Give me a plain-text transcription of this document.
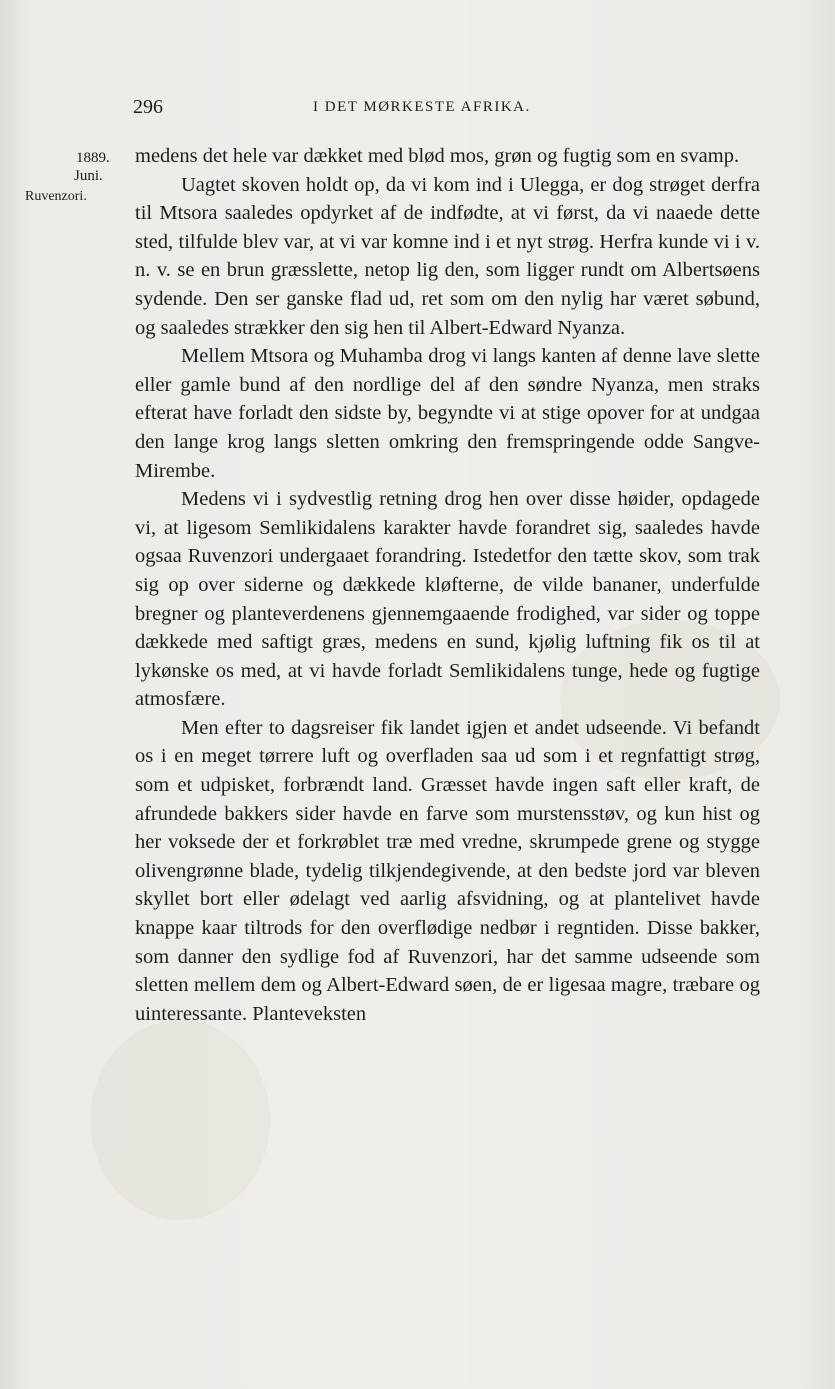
296	I DET MØRKESTE AFRIKA.
1889.
Juni.
Ruvenzori.

medens det hele var dækket med blød mos, grøn og fugtig som en svamp.

Uagtet skoven holdt op, da vi kom ind i Ulegga, er dog strøget derfra til Mtsora saaledes opdyrket af de indfødte, at vi først, da vi naaede dette sted, tilfulde blev var, at vi var komne ind i et nyt strøg. Herfra kunde vi i v. n. v. se en brun græsslette, netop lig den, som ligger rundt om Albertsøens sydende. Den ser ganske flad ud, ret som om den nylig har været søbund, og saaledes strækker den sig hen til Albert-Edward Nyanza.

Mellem Mtsora og Muhamba drog vi langs kanten af denne lave slette eller gamle bund af den nordlige del af den søndre Nyanza, men straks efterat have forladt den sidste by, begyndte vi at stige opover for at undgaa den lange krog langs sletten omkring den fremspringende odde Sangve-Mirembe.

Medens vi i sydvestlig retning drog hen over disse høider, opdagede vi, at ligesom Semlikidalens karakter havde forandret sig, saaledes havde ogsaa Ruvenzori undergaaet forandring. Istedetfor den tætte skov, som trak sig op over siderne og dækkede kløfterne, de vilde bananer, underfulde bregner og planteverdenens gjennemgaaende frodighed, var sider og toppe dækkede med saftigt græs, medens en sund, kjølig luftning fik os til at lykønske os med, at vi havde forladt Semlikidalens tunge, hede og fugtige atmosfære.

Men efter to dagsreiser fik landet igjen et andet udseende. Vi befandt os i en meget tørrere luft og overfladen saa ud som i et regnfattigt strøg, som et udpisket, forbrændt land. Græsset havde ingen saft eller kraft, de afrundede bakkers sider havde en farve som murstensstøv, og kun hist og her voksede der et forkrøblet træ med vredne, skrumpede grene og stygge olivengrønne blade, tydelig tilkjendegivende, at den bedste jord var bleven skyllet bort eller ødelagt ved aarlig afsvidning, og at plantelivet havde knappe kaar tiltrods for den overflødige nedbør i regntiden. Disse bakker, som danner den sydlige fod af Ruvenzori, har det samme udseende som sletten mellem dem og Albert-Edward søen, de er ligesaa magre, træbare og uinteressante. Planteveksten
